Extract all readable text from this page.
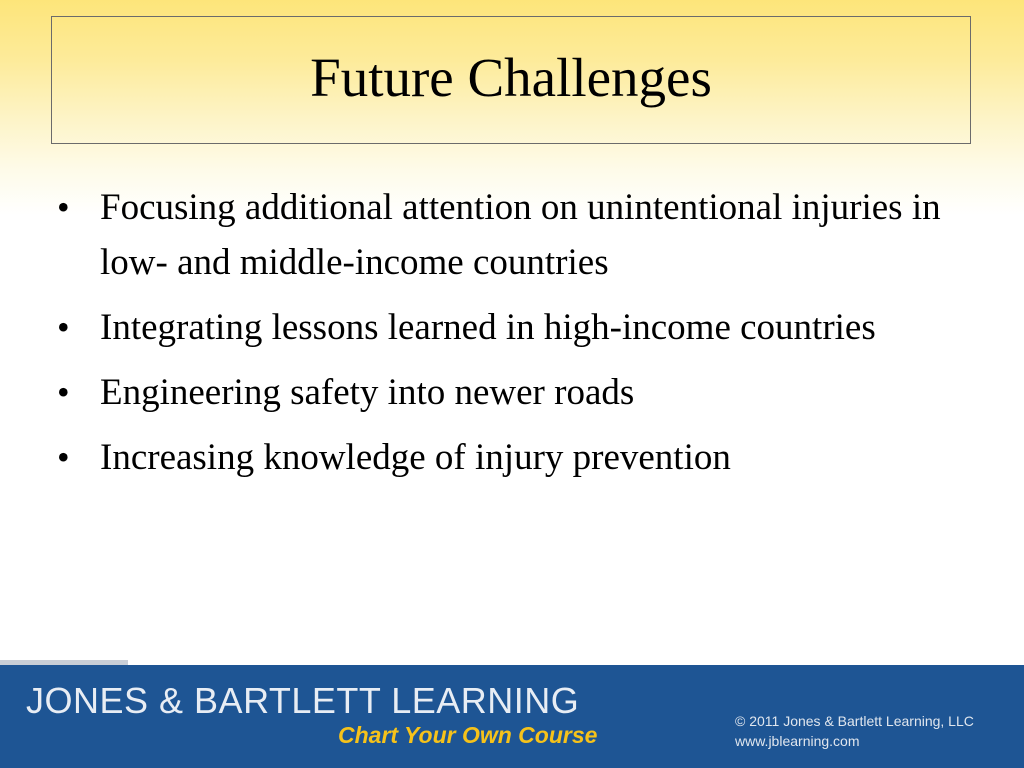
Future Challenges
• Focusing additional attention on unintentional injuries in low- and middle-income countries
• Integrating lessons learned in high-income countries
• Engineering safety into newer roads
• Increasing knowledge of injury prevention
JONES & BARTLETT LEARNING
Chart Your Own Course
© 2011 Jones & Bartlett Learning, LLC
www.jblearning.com
